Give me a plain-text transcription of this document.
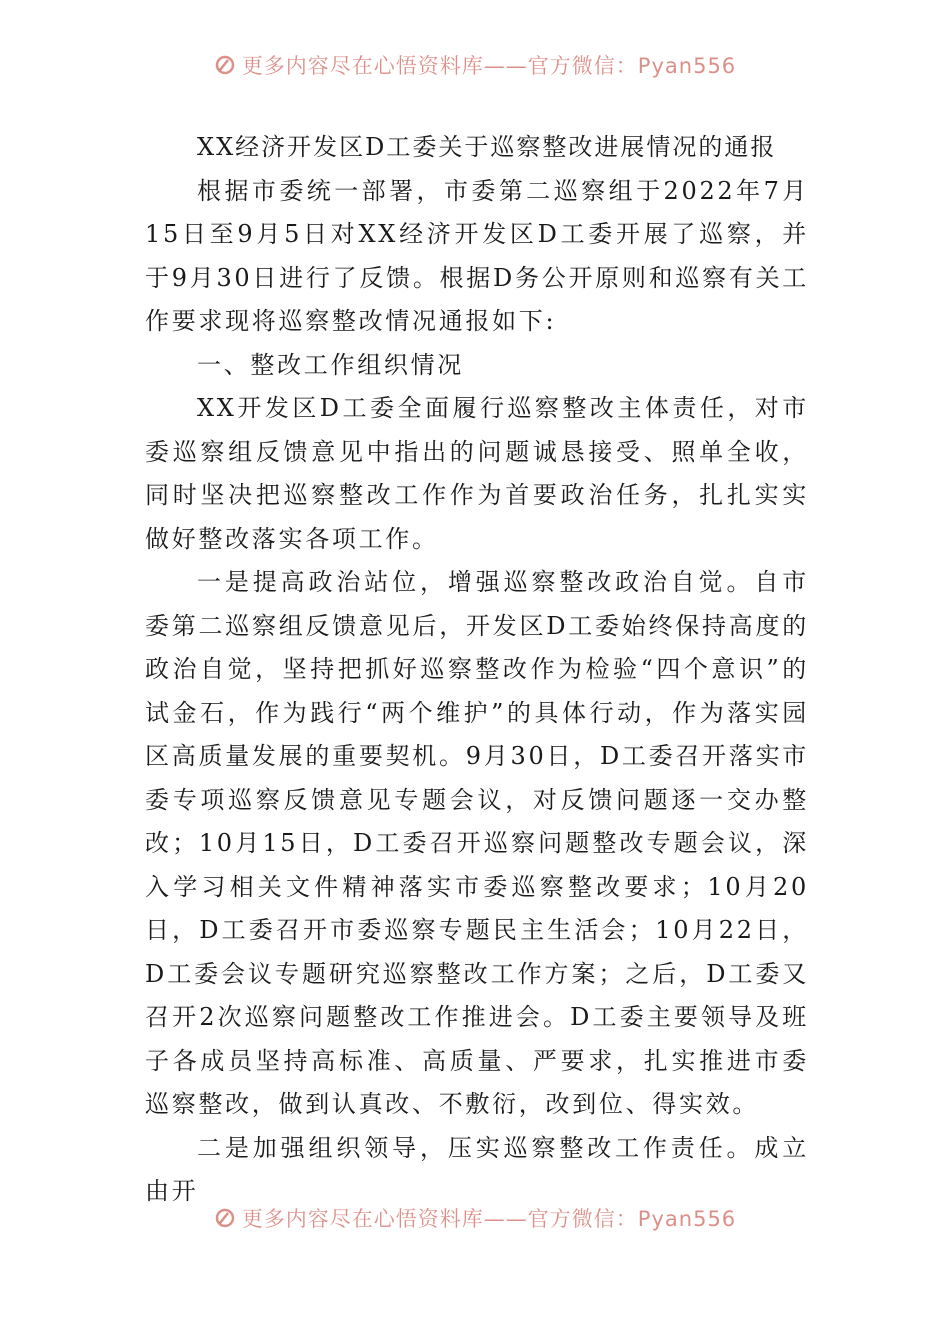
更多内容尽在心悟资料库——官方微信：Pyan556

XX经济开发区D工委关于巡察整改进展情况的通报

根据市委统一部署，市委第二巡察组于2022年7月15日至9月5日对XX经济开发区D工委开展了巡察，并于9月30日进行了反馈。根据D务公开原则和巡察有关工作要求现将巡察整改情况通报如下:

一、整改工作组织情况

XX开发区D工委全面履行巡察整改主体责任，对市委巡察组反馈意见中指出的问题诚恳接受、照单全收，同时坚决把巡察整改工作作为首要政治任务，扎扎实实做好整改落实各项工作。

一是提高政治站位，增强巡察整改政治自觉。自市委第二巡察组反馈意见后，开发区D工委始终保持高度的政治自觉，坚持把抓好巡察整改作为检验“四个意识”的试金石，作为践行“两个维护”的具体行动，作为落实园区高质量发展的重要契机。9月30日，D工委召开落实市委专项巡察反馈意见专题会议，对反馈问题逐一交办整改；10月15日，D工委召开巡察问题整改专题会议，深入学习相关文件精神落实市委巡察整改要求；10月20日，D工委召开市委巡察专题民主生活会；10月22日，D工委会议专题研究巡察整改工作方案；之后，D工委又召开2次巡察问题整改工作推进会。D工委主要领导及班子各成员坚持高标准、高质量、严要求，扎实推进市委巡察整改，做到认真改、不敷衍，改到位、得实效。

二是加强组织领导，压实巡察整改工作责任。成立由开

更多内容尽在心悟资料库——官方微信：Pyan556
